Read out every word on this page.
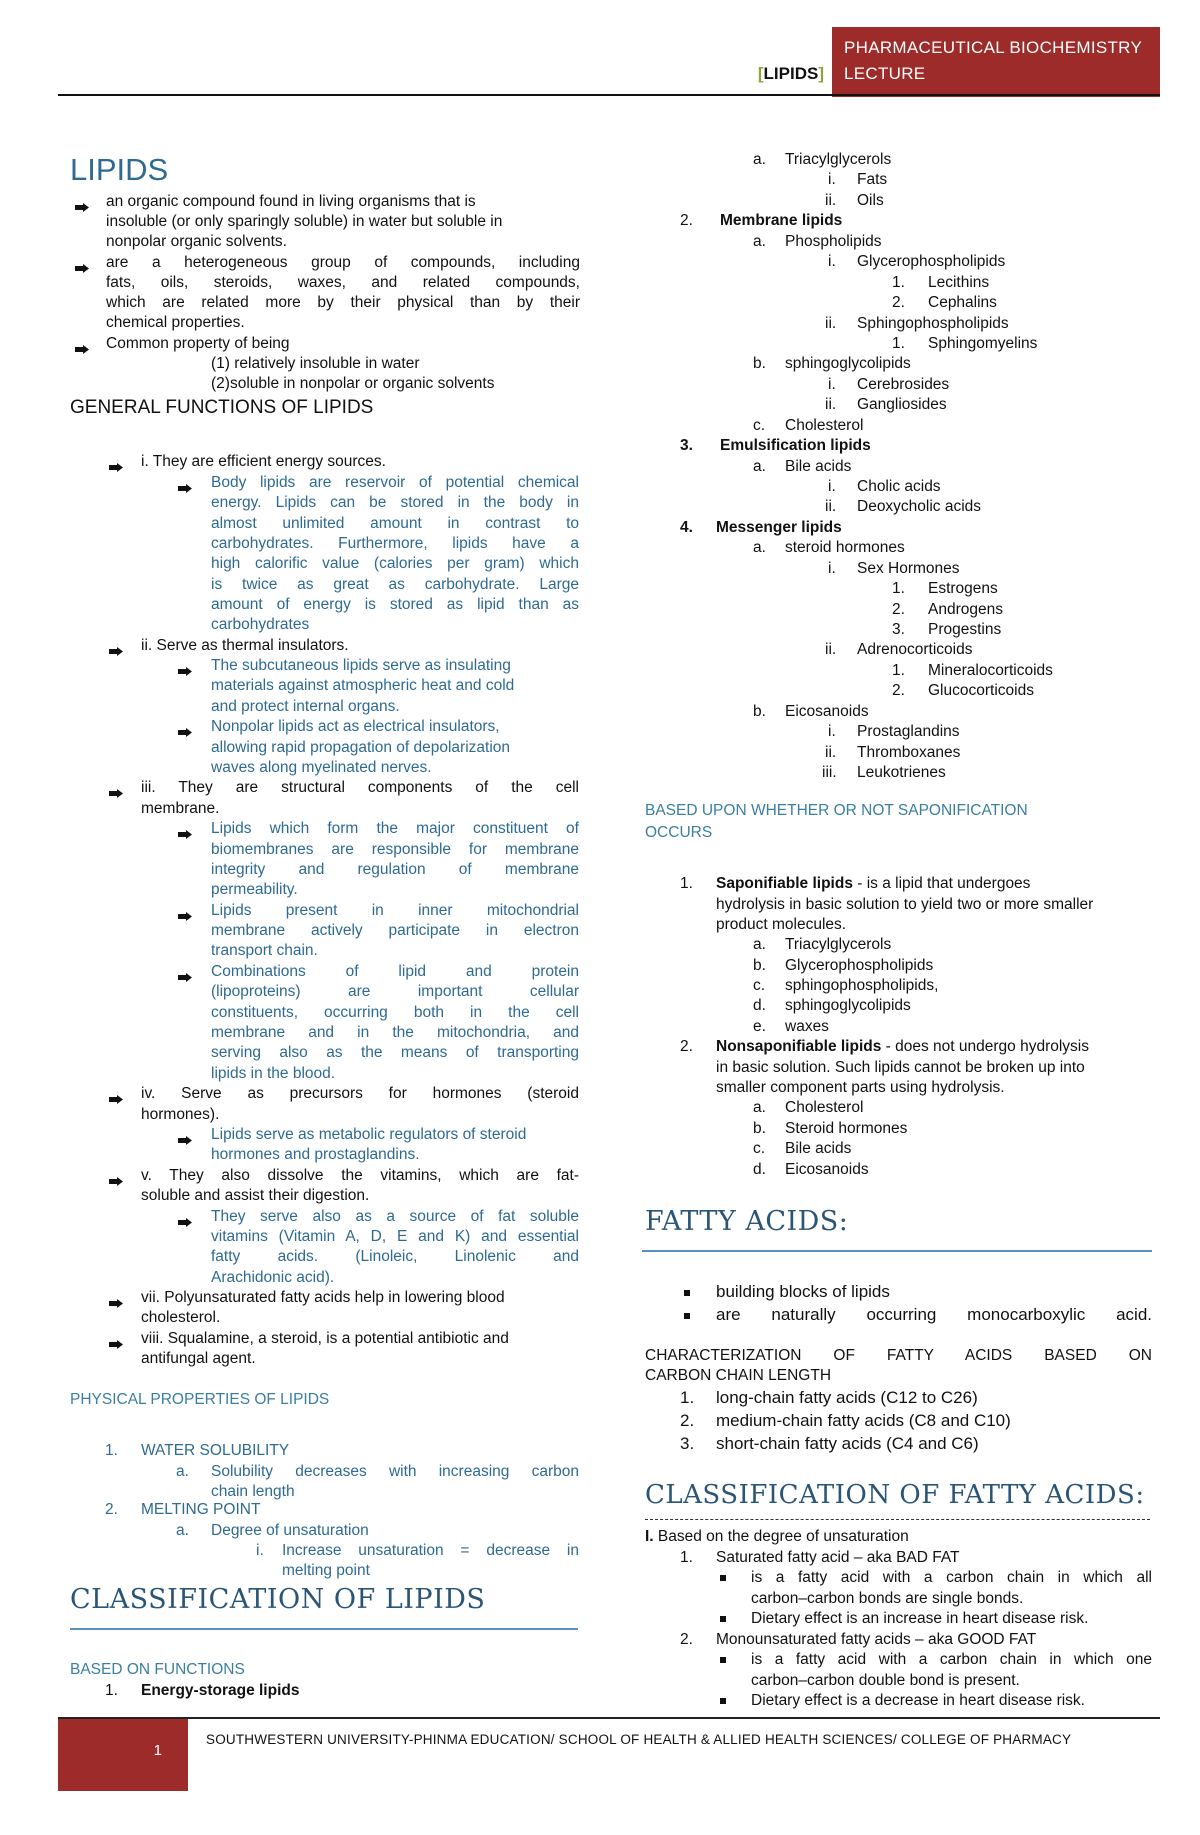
PHARMACEUTICAL BIOCHEMISTRY
LECTURE
[LIPIDS]
LIPIDS
an organic compound found in living organisms that is
insoluble (or only sparingly soluble) in water but soluble in
nonpolar organic solvents.
are a heterogeneous group of compounds, including
fats, oils, steroids, waxes, and related compounds,
which are related more by their physical than by their
chemical properties.
Common property of being
(1) relatively insoluble in water
(2)soluble in nonpolar or organic solvents
GENERAL FUNCTIONS OF LIPIDS
i. They are efficient energy sources.
Body lipids are reservoir of potential chemical
energy. Lipids can be stored in the body in
almost unlimited amount in contrast to
carbohydrates. Furthermore, lipids have a
high calorific value (calories per gram) which
is twice as great as carbohydrate. Large
amount of energy is stored as lipid than as
carbohydrates
ii. Serve as thermal insulators.
The subcutaneous lipids serve as insulating
materials against atmospheric heat and cold
and protect internal organs.
Nonpolar lipids act as electrical insulators,
allowing rapid propagation of depolarization
waves along myelinated nerves.
iii. They are structural components of the cell
membrane.
Lipids which form the major constituent of
biomembranes are responsible for membrane
integrity and regulation of membrane
permeability.
Lipids present in inner mitochondrial
membrane actively participate in electron
transport chain.
Combinations of lipid and protein
(lipoproteins) are important cellular
constituents, occurring both in the cell
membrane and in the mitochondria, and
serving also as the means of transporting
lipids in the blood.
iv. Serve as precursors for hormones (steroid
hormones).
Lipids serve as metabolic regulators of steroid
hormones and prostaglandins.
v. They also dissolve the vitamins, which are fat-
soluble and assist their digestion.
They serve also as a source of fat soluble
vitamins (Vitamin A, D, E and K) and essential
fatty acids. (Linoleic, Linolenic and
Arachidonic acid).
vii. Polyunsaturated fatty acids help in lowering blood
cholesterol.
viii. Squalamine, a steroid, is a potential antibiotic and
antifungal agent.
PHYSICAL PROPERTIES OF LIPIDS
1. WATER SOLUBILITY
a. Solubility decreases with increasing carbon
chain length
2. MELTING POINT
a. Degree of unsaturation
i. Increase unsaturation = decrease in
melting point
CLASSIFICATION OF LIPIDS
BASED ON FUNCTIONS
1. Energy-storage lipids
a. Triacylglycerols
i. Fats
ii. Oils
2. Membrane lipids
a. Phospholipids
i. Glycerophospholipids
1. Lecithins
2. Cephalins
ii. Sphingophospholipids
1. Sphingomyelins
b. sphingoglycolipids
i. Cerebrosides
ii. Gangliosides
c. Cholesterol
3. Emulsification lipids
a. Bile acids
i. Cholic acids
ii. Deoxycholic acids
4. Messenger lipids
a. steroid hormones
i. Sex Hormones
1. Estrogens
2. Androgens
3. Progestins
ii. Adrenocorticoids
1. Mineralocorticoids
2. Glucocorticoids
b. Eicosanoids
i. Prostaglandins
ii. Thromboxanes
iii. Leukotrienes
BASED UPON WHETHER OR NOT SAPONIFICATION
OCCURS
1. Saponifiable lipids - is a lipid that undergoes
hydrolysis in basic solution to yield two or more smaller
product molecules.
a. Triacylglycerols
b. Glycerophospholipids
c. sphingophospholipids,
d. sphingoglycolipids
e. waxes
2. Nonsaponifiable lipids - does not undergo hydrolysis
in basic solution. Such lipids cannot be broken up into
smaller component parts using hydrolysis.
a. Cholesterol
b. Steroid hormones
c. Bile acids
d. Eicosanoids
FATTY ACIDS:
building blocks of lipids
are naturally occurring monocarboxylic acid.
CHARACTERIZATION OF FATTY ACIDS BASED ON
CARBON CHAIN LENGTH
1. long-chain fatty acids (C12 to C26)
2. medium-chain fatty acids (C8 and C10)
3. short-chain fatty acids (C4 and C6)
CLASSIFICATION OF FATTY ACIDS:
I. Based on the degree of unsaturation
1. Saturated fatty acid – aka BAD FAT
is a fatty acid with a carbon chain in which all
carbon–carbon bonds are single bonds.
Dietary effect is an increase in heart disease risk.
2. Monounsaturated fatty acids – aka GOOD FAT
is a fatty acid with a carbon chain in which one
carbon–carbon double bond is present.
Dietary effect is a decrease in heart disease risk.
1
SOUTHWESTERN UNIVERSITY-PHINMA EDUCATION/ SCHOOL OF HEALTH & ALLIED HEALTH SCIENCES/ COLLEGE OF PHARMACY
